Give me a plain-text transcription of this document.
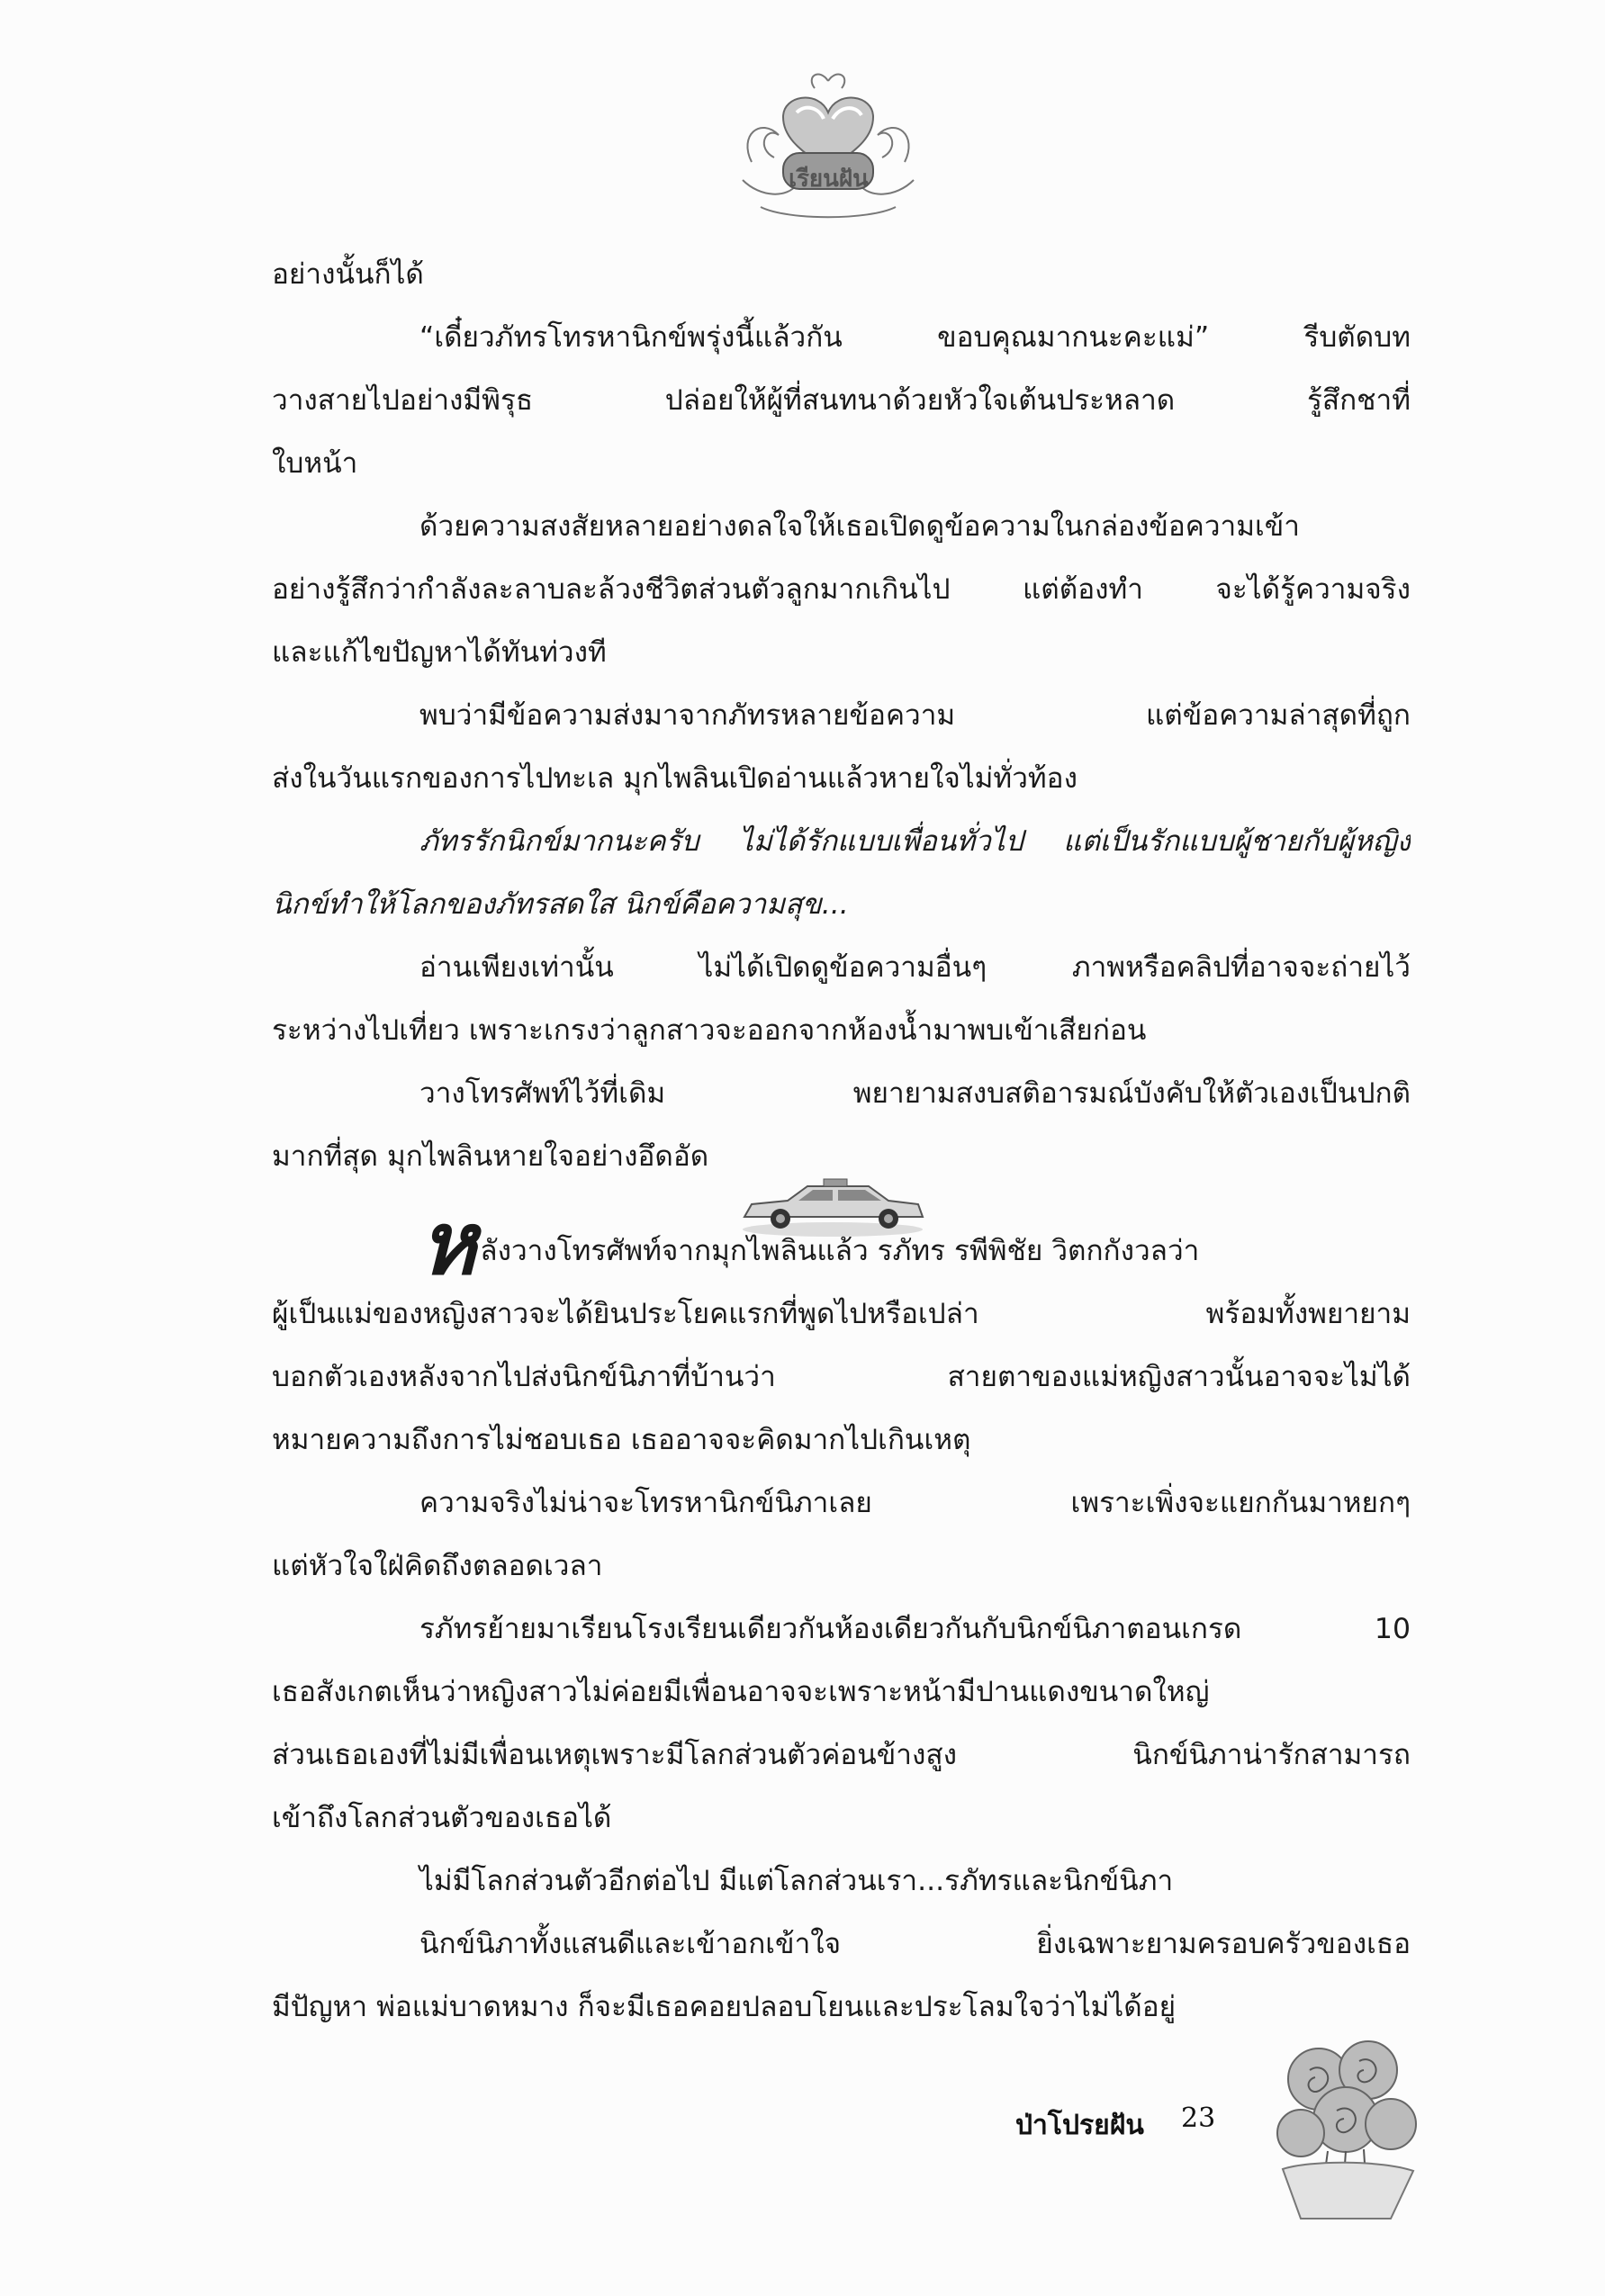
เรียนฝัน
อย่างนั้นก็ได้
“เดี๋ยวภัทรโทรหานิกข์พรุ่งนี้แล้วกัน ขอบคุณมากนะคะแม่” รีบตัดบท
วางสายไปอย่างมีพิรุธ ปล่อยให้ผู้ที่สนทนาด้วยหัวใจเต้นประหลาด รู้สึกชาที่
ใบหน้า
ด้วยความสงสัยหลายอย่างดลใจให้เธอเปิดดูข้อความในกล่องข้อความเข้า
อย่างรู้สึกว่ากำลังละลาบละล้วงชีวิตส่วนตัวลูกมากเกินไป แต่ต้องทำ จะได้รู้ความจริง
และแก้ไขปัญหาได้ทันท่วงที
พบว่ามีข้อความส่งมาจากภัทรหลายข้อความ แต่ข้อความล่าสุดที่ถูก
ส่งในวันแรกของการไปทะเล มุกไพลินเปิดอ่านแล้วหายใจไม่ทั่วท้อง
ภัทรรักนิกข์มากนะครับ ไม่ได้รักแบบเพื่อนทั่วไป แต่เป็นรักแบบผู้ชายกับผู้หญิง
นิกข์ทำให้โลกของภัทรสดใส นิกข์คือความสุข...
อ่านเพียงเท่านั้น ไม่ได้เปิดดูข้อความอื่นๆ ภาพหรือคลิปที่อาจจะถ่ายไว้
ระหว่างไปเที่ยว เพราะเกรงว่าลูกสาวจะออกจากห้องน้ำมาพบเข้าเสียก่อน
วางโทรศัพท์ไว้ที่เดิม พยายามสงบสติอารมณ์บังคับให้ตัวเองเป็นปกติ
มากที่สุด มุกไพลินหายใจอย่างอึดอัด
หลังวางโทรศัพท์จากมุกไพลินแล้ว รภัทร รพีพิชัย วิตกกังวลว่า
ผู้เป็นแม่ของหญิงสาวจะได้ยินประโยคแรกที่พูดไปหรือเปล่า พร้อมทั้งพยายาม
บอกตัวเองหลังจากไปส่งนิกข์นิภาที่บ้านว่า สายตาของแม่หญิงสาวนั้นอาจจะไม่ได้
หมายความถึงการไม่ชอบเธอ เธออาจจะคิดมากไปเกินเหตุ
ความจริงไม่น่าจะโทรหานิกข์นิภาเลย เพราะเพิ่งจะแยกกันมาหยกๆ
แต่หัวใจใฝ่คิดถึงตลอดเวลา
รภัทรย้ายมาเรียนโรงเรียนเดียวกันห้องเดียวกันกับนิกข์นิภาตอนเกรด 10
เธอสังเกตเห็นว่าหญิงสาวไม่ค่อยมีเพื่อนอาจจะเพราะหน้ามีปานแดงขนาดใหญ่
ส่วนเธอเองที่ไม่มีเพื่อนเหตุเพราะมีโลกส่วนตัวค่อนข้างสูง นิกข์นิภาน่ารักสามารถ
เข้าถึงโลกส่วนตัวของเธอได้
ไม่มีโลกส่วนตัวอีกต่อไป มีแต่โลกส่วนเรา...รภัทรและนิกข์นิภา
นิกข์นิภาทั้งแสนดีและเข้าอกเข้าใจ ยิ่งเฉพาะยามครอบครัวของเธอ
มีปัญหา พ่อแม่บาดหมาง ก็จะมีเธอคอยปลอบโยนและประโลมใจว่าไม่ได้อยู่
ป่าโปรยฝัน 23
